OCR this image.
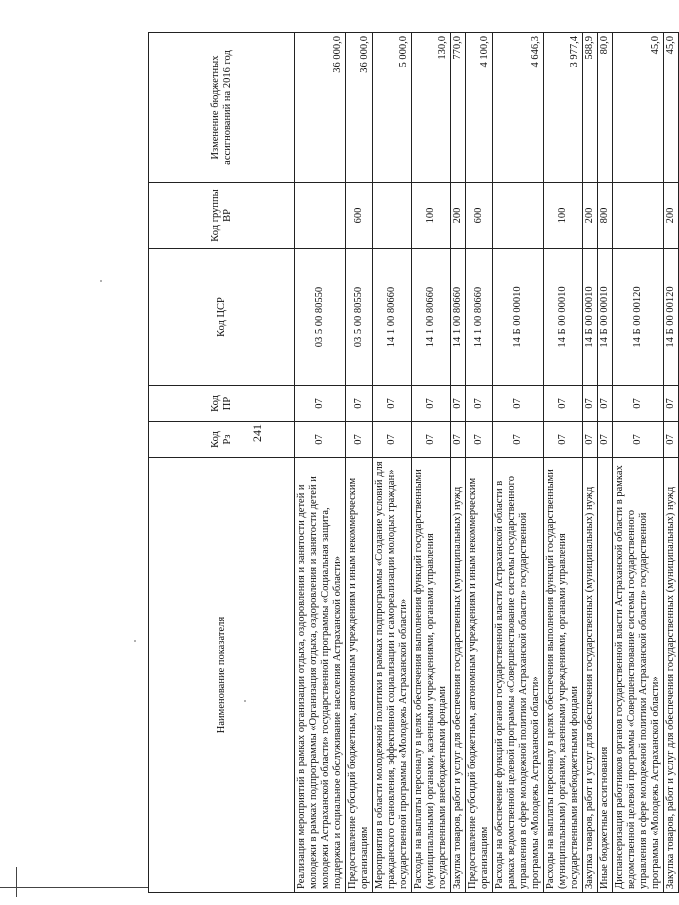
241
Наименование показателя	Код Рз	Код ПР	Код ЦСР	Код группы ВР	Изменение бюджетных ассигнований на 2016 год
Реализация мероприятий в рамках организации отдыха, оздоровления и занятости детей и молодежи в рамках подпрограммы «Организация отдыха, оздоровления и занятости детей и молодежи Астраханской области» государственной программы «Социальная защита, поддержка и социальное обслуживание населения Астраханской области»	07	07	03 5 00 80550		36 000,0
Предоставление субсидий бюджетным, автономным учреждениям и иным некоммерческим организациям	07	07	03 5 00 80550	600	36 000,0
Мероприятия в области молодежной политики в рамках подпрограммы «Создание условий для гражданского становления, эффективной социализации и самореализации молодых граждан» государственной программы «Молодежь Астраханской области»	07	07	14 1 00 80660		5 000,0
Расходы на выплаты персоналу в целях обеспечения выполнения функций государственными (муниципальными) органами, казенными учреждениями, органами управления государственными внебюджетными фондами	07	07	14 1 00 80660	100	130,0
Закупка товаров, работ и услуг для обеспечения государственных (муниципальных) нужд	07	07	14 1 00 80660	200	770,0
Предоставление субсидий бюджетным, автономным учреждениям и иным некоммерческим организациям	07	07	14 1 00 80660	600	4 100,0
Расходы на обеспечение функций органов государственной власти Астраханской области в рамках ведомственной целевой программы «Совершенствование системы государственного управления в сфере молодежной политики Астраханской области» государственной программы «Молодежь Астраханской области»	07	07	14 Б 00 00010		4 646,3
Расходы на выплаты персоналу в целях обеспечения выполнения функций государственными (муниципальными) органами, казенными учреждениями, органами управления государственными внебюджетными фондами	07	07	14 Б 00 00010	100	3 977,4
Закупка товаров, работ и услуг для обеспечения государственных (муниципальных) нужд	07	07	14 Б 00 00010	200	588,9
Иные бюджетные ассигнования	07	07	14 Б 00 00010	800	80,0
Диспансеризация работников органов государственной власти Астраханской области в рамках ведомственной целевой программы «Совершенствование системы государственного управления в сфере молодежной политики Астраханской области» государственной программы «Молодежь Астраханской области»	07	07	14 Б 00 00120		45,0
Закупка товаров, работ и услуг для обеспечения государственных (муниципальных) нужд	07	07	14 Б 00 00120	200	45,0
